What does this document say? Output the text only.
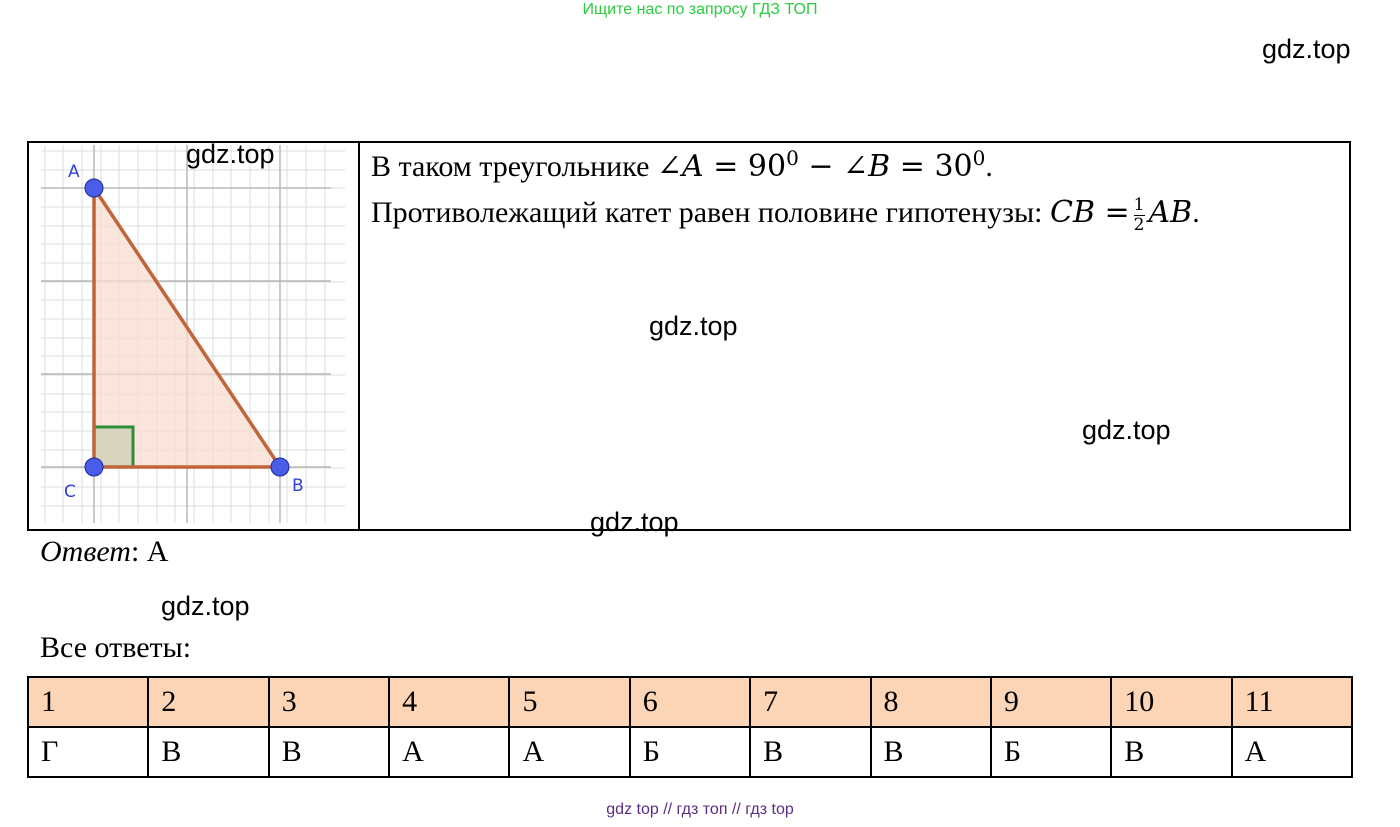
Ищите нас по запросу ГДЗ ТОП
gdz.top
A
C	B
В таком треугольнике ∠A = $90^0$ − ∠B = $30^0$.
Противолежащий катет равен половине гипотенузы: CB = $\frac{1}{2}$ AB.
gdz.top
gdz.top
gdz.top
gdz.top
Ответ: А
gdz.top
Все ответы:
1	2	3	4	5	6	7	8	9	10	11
Г	В	В	А	А	Б	В	В	Б	В	А
gdz top // гдз топ // гдз top
